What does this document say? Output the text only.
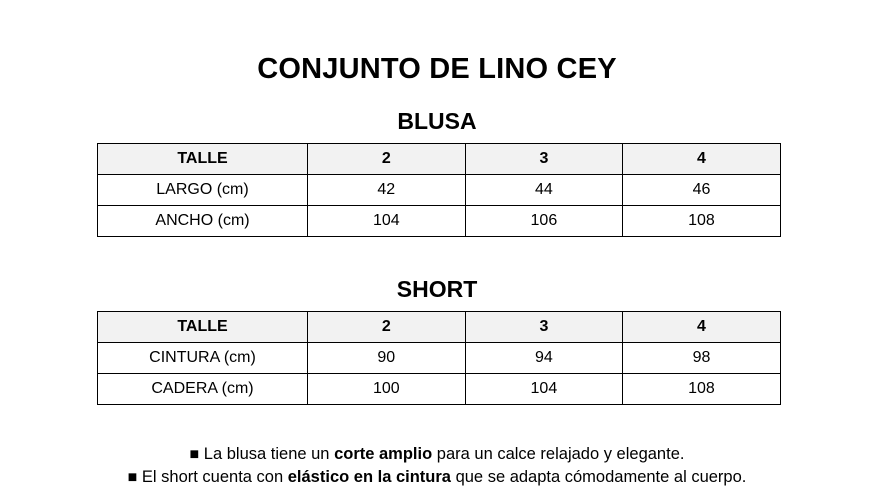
CONJUNTO DE LINO CEY
BLUSA
TALLE	2	3	4
LARGO (cm)	42	44	46
ANCHO (cm)	104	106	108
SHORT
TALLE	2	3	4
CINTURA (cm)	90	94	98
CADERA (cm)	100	104	108
■ La blusa tiene un corte amplio para un calce relajado y elegante.
■ El short cuenta con elástico en la cintura que se adapta cómodamente al cuerpo.
